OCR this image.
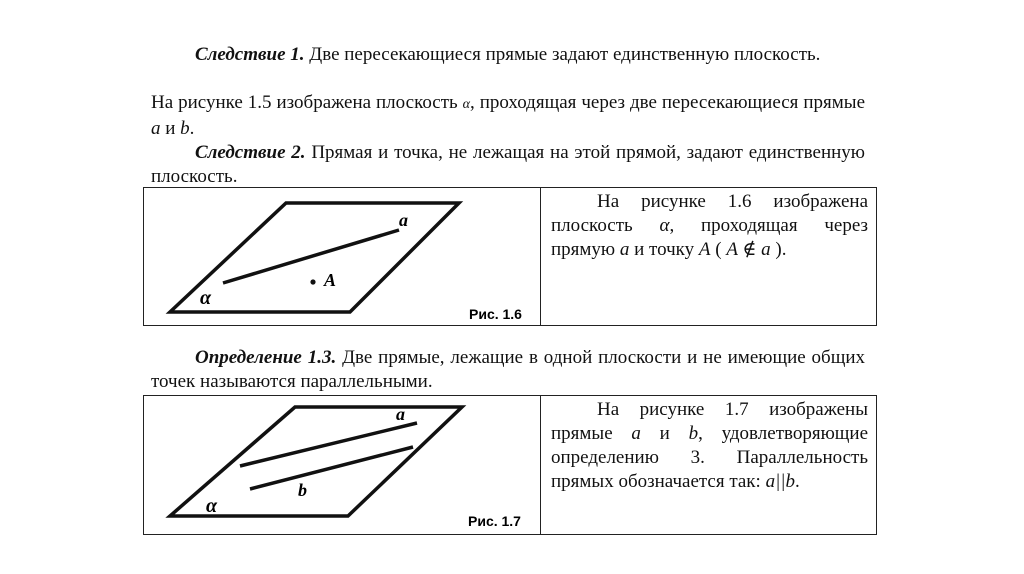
Следствие 1. Две пересекающиеся прямые задают единственную плоскость.
На рисунке 1.5 изображена плоскость α, проходящая через две пересекающиеся прямые a и b.
Следствие 2. Прямая и точка, не лежащая на этой прямой, задают единственную плоскость.
a
A
α
Рис. 1.6

На рисунке 1.6 изображена плоскость α, проходящая через прямую a и точку A ( A ∉ a ).
Определение 1.3. Две прямые, лежащие в одной плоскости и не имеющие общих точек называются параллельными.
a
b
α
Рис. 1.7

На рисунке 1.7 изображены прямые a и b, удовлетворяющие определению 3. Параллельность прямых обозначается так: a||b.
